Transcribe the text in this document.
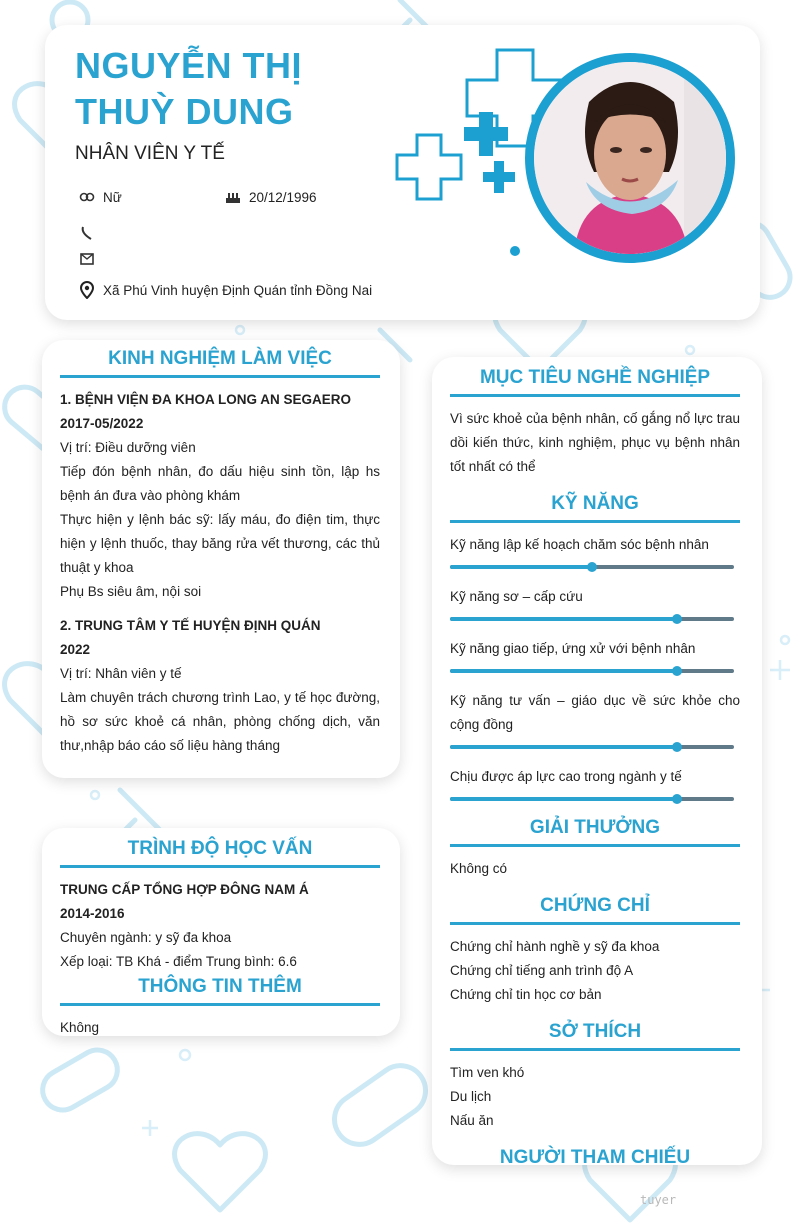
NGUYỄN THỊ THUỲ DUNG
NHÂN VIÊN Y TẾ
Nữ	20/12/1996
Xã Phú Vinh huyện Định Quán tỉnh Đồng Nai
KINH NGHIỆM LÀM VIỆC
1. BỆNH VIỆN ĐA KHOA LONG AN SEGAERO
2017-05/2022
Vị trí: Điều dưỡng viên
Tiếp đón bệnh nhân, đo dấu hiệu sinh tồn, lập hs bệnh án đưa vào phòng khám
Thực hiện y lệnh bác sỹ: lấy máu, đo điện tim, thực hiện y lệnh thuốc, thay băng rửa vết thương, các thủ thuật y khoa
Phụ Bs siêu âm, nội soi
2. TRUNG TÂM Y TẾ HUYỆN ĐỊNH QUÁN
2022
Vị trí: Nhân viên y tế
Làm chuyên trách chương trình Lao, y tế học đường, hồ sơ sức khoẻ cá nhân, phòng chống dịch, văn thư,nhập báo cáo số liệu hàng tháng
TRÌNH ĐỘ HỌC VẤN
TRUNG CẤP TỔNG HỢP ĐÔNG NAM Á
2014-2016
Chuyên ngành: y sỹ đa khoa
Xếp loại: TB Khá - điểm Trung bình: 6.6
THÔNG TIN THÊM
Không
MỤC TIÊU NGHỀ NGHIỆP
Vì sức khoẻ của bệnh nhân, cố gắng nổ lực trau dồi kiến thức, kinh nghiệm, phục vụ bệnh nhân tốt nhất có thể
KỸ NĂNG
Kỹ năng lập kế hoạch chăm sóc bệnh nhân
Kỹ năng sơ – cấp cứu
Kỹ năng giao tiếp, ứng xử với bệnh nhân
Kỹ năng tư vấn – giáo dục về sức khỏe cho cộng đồng
Chịu được áp lực cao trong ngành y tế
GIẢI THƯỞNG
Không có
CHỨNG CHỈ
Chứng chỉ hành nghề y sỹ đa khoa
Chứng chỉ tiếng anh trình độ A
Chứng chỉ tin học cơ bản
SỞ THÍCH
Tìm ven khó
Du lịch
Nấu ăn
NGƯỜI THAM CHIẾU
tuyer
